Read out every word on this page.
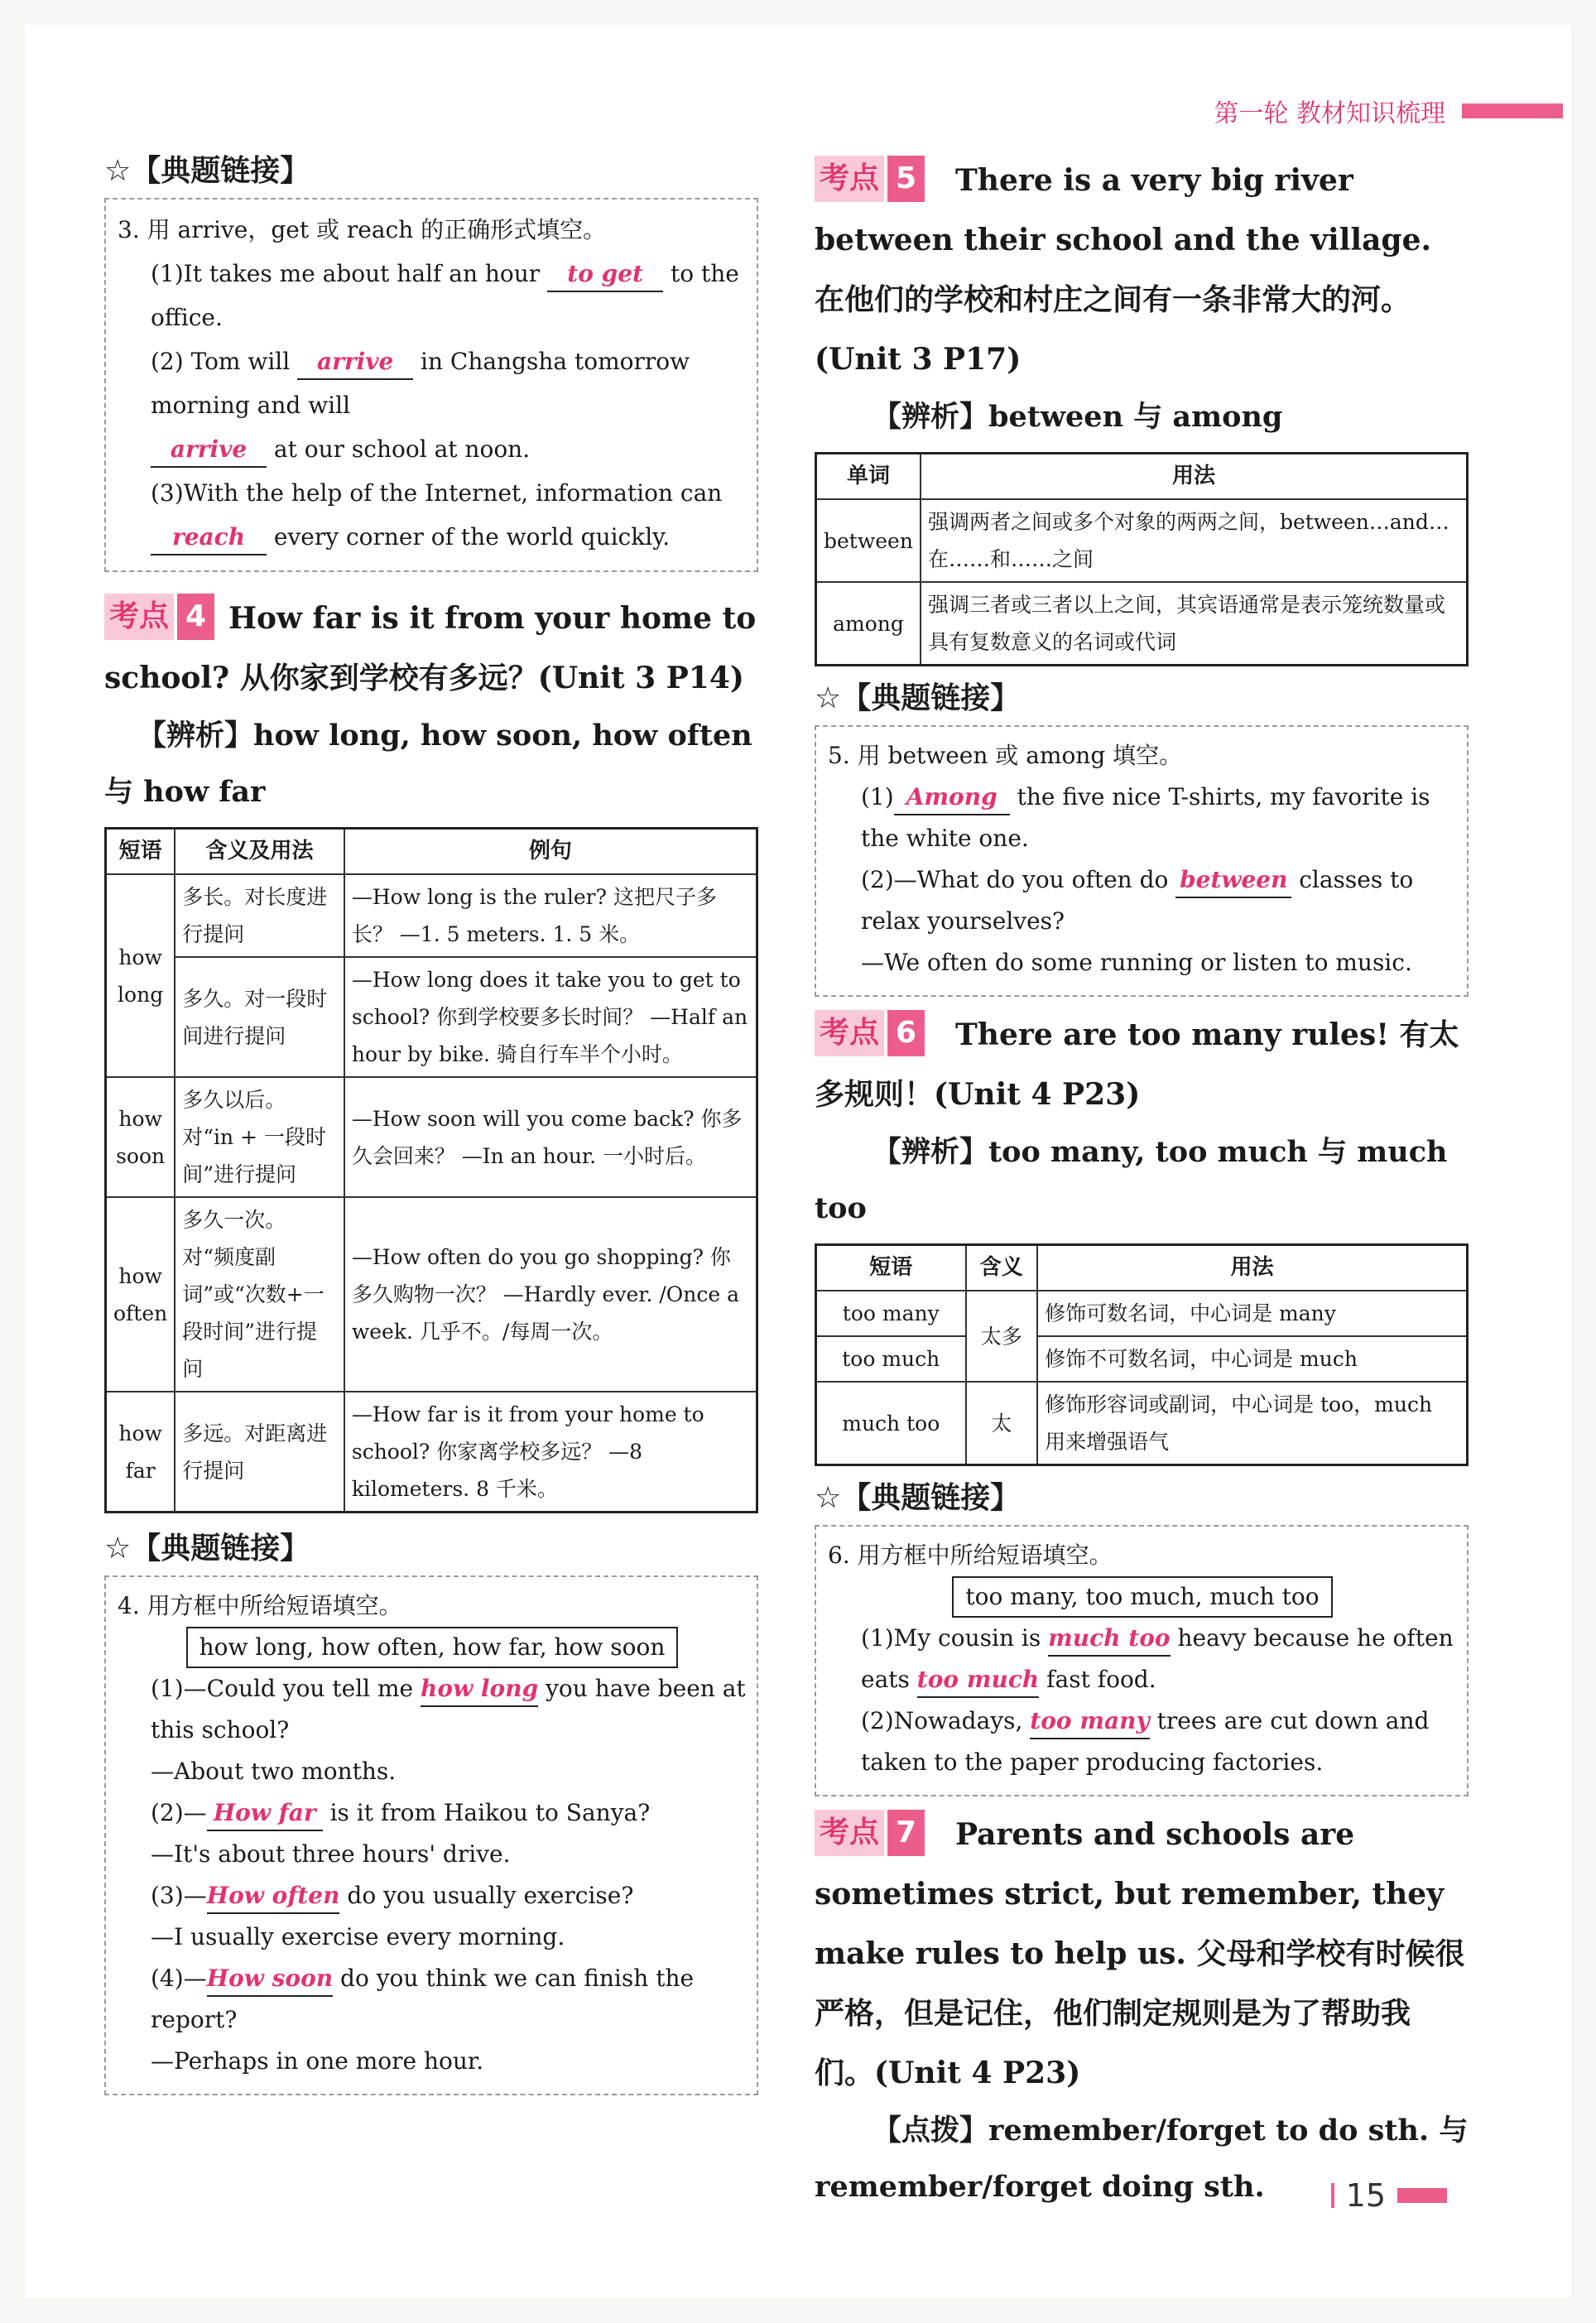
第一轮 教材知识梳理
☆【典题链接】

3. 用 arrive，get 或 reach 的正确形式填空。

(1)It takes me about half an hour to get to the office.

(2) Tom will arrive in Changsha tomorrow morning and will

arrive at our school at noon.

(3)With the help of the Internet, information can

reach every corner of the world quickly.

考点 4 How far is it from your home to school? 从你家到学校有多远？(Unit 3 P14)
【辨析】how long, how soon, how often 与 how far
短语	含义及用法	例句
how long	多长。对长度进行提问	—How long is the ruler? 这把尺子多长？ —1. 5 meters. 1. 5 米。
	多久。对一段时间进行提问	—How long does it take you to get to school? 你到学校要多长时间？ —Half an hour by bike. 骑自行车半个小时。
how soon	多久以后。对“in + 一段时间”进行提问	—How soon will you come back? 你多久会回来？ —In an hour. 一小时后。
how often	多久一次。对“频度副词”或“次数+一段时间”进行提问	—How often do you go shopping? 你多久购物一次？ —Hardly ever. /Once a week. 几乎不。/每周一次。
how far	多远。对距离进行提问	—How far is it from your home to school? 你家离学校多远？ —8 kilometers. 8 千米。
☆【典题链接】

4. 用方框中所给短语填空。

how long, how often, how far, how soon

(1)—Could you tell me how long you have been at this school?

—About two months.

(2)— How far is it from Haikou to Sanya?

—It's about three hours' drive.

(3)—How often do you usually exercise?

—I usually exercise every morning.

(4)—How soon do you think we can finish the report?

—Perhaps in one more hour.

考点 5	There is a very big river between their school and the village. 在他们的学校和村庄之间有一条非常大的河。(Unit 3 P17)
【辨析】between 与 among
单词	用法
between	强调两者之间或多个对象的两两之间，between…and…在……和……之间
among	强调三者或三者以上之间，其宾语通常是表示笼统数量或具有复数意义的名词或代词
☆【典题链接】

5. 用 between 或 among 填空。

(1) Among the five nice T-shirts, my favorite is the white one.

(2)—What do you often do between classes to relax yourselves?

—We often do some running or listen to music.

考点 6	There are too many rules! 有太多规则！(Unit 4 P23)
【辨析】too many, too much 与 much too
短语	含义	用法
too many	太多	修饰可数名词，中心词是 many
too much		修饰不可数名词，中心词是 much
much too	太	修饰形容词或副词，中心词是 too，much 用来增强语气
☆【典题链接】

6. 用方框中所给短语填空。

too many, too much, much too

(1)My cousin is much too heavy because he often eats too much fast food.

(2)Nowadays, too many trees are cut down and taken to the paper producing factories.

考点 7	Parents and schools are sometimes strict, but remember, they make rules to help us. 父母和学校有时候很严格，但是记住，他们制定规则是为了帮助我们。(Unit 4 P23)
【点拨】remember/forget to do sth. 与 remember/forget doing sth.	15
